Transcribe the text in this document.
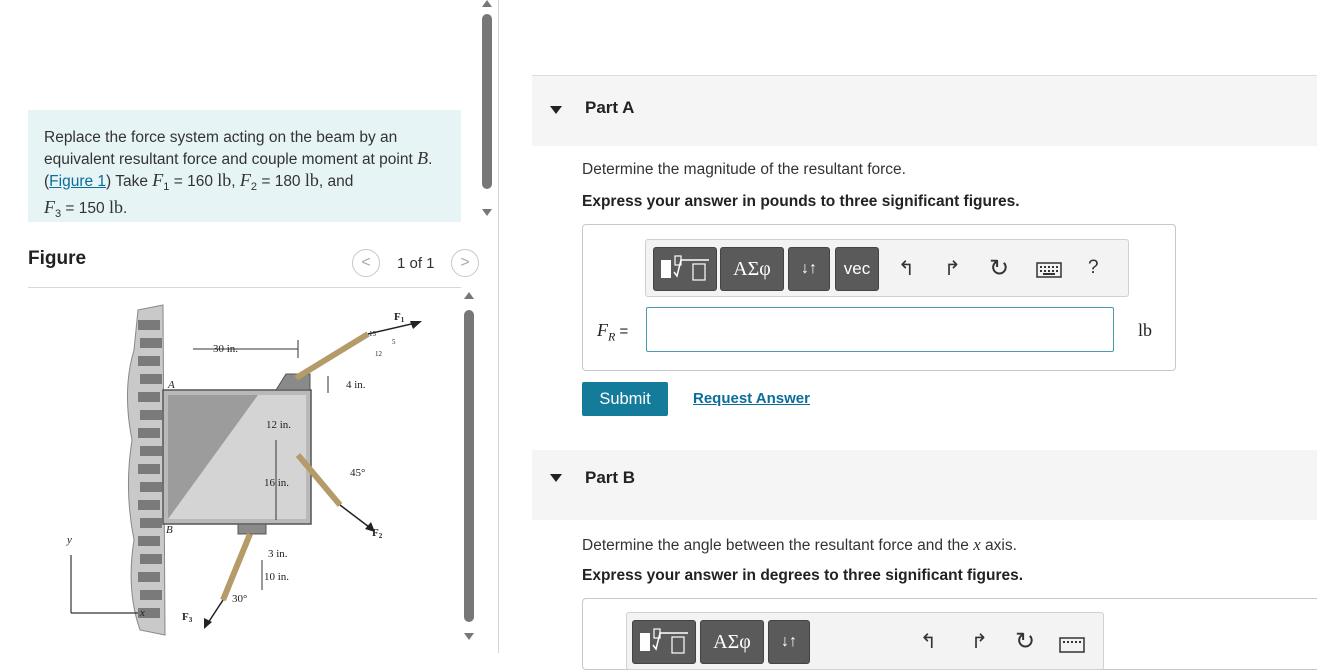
Replace the force system acting on the beam by an equivalent resultant force and couple moment at point B. (Figure 1) Take $F_1 = 160$ lb, $F_2 = 180$ lb, and
$F_3 = 150$ lb.
Figure	< 1 of 1 >
30 in.
4 in.
12 in.
16 in.
3 in.
10 in.
45°
30°
A
B
x
y
F1
F2
F3
13
5
12
Part A
Determine the magnitude of the resultant force.
Express your answer in pounds to three significant figures.
ΑΣφ ↓↑ vec ↰ ↱ ↻	?
$F_R$ =	lb
Submit	Request Answer
Part B
Determine the angle between the resultant force and the x axis.
Express your answer in degrees to three significant figures.
ΑΣφ ↓↑	↰ ↱ ↻
